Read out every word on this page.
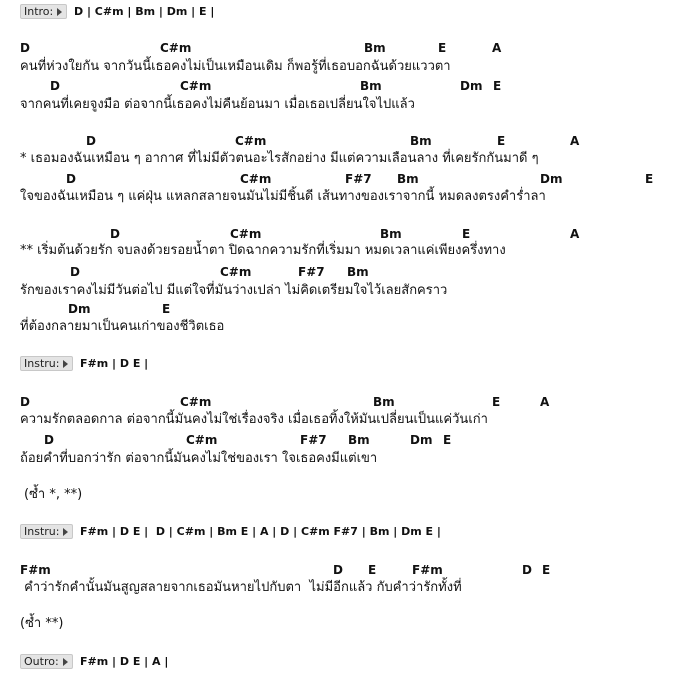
Intro: D | C#m | Bm | Dm | E |
D	C#m	Bm	E	A
คนที่ห่วงใยกัน จากวันนี้เธอคงไม่เป็นเหมือนเดิม ก็พอรู้ที่เธอบอกฉันด้วยแววตา
D	C#m	Bm	Dm E
จากคนที่เคยจูงมือ ต่อจากนี้เธอคงไม่คืนย้อนมา เมื่อเธอเปลี่ยนใจไปแล้ว
D	C#m	Bm	E	A
* เธอมองฉันเหมือน ๆ อากาศ ที่ไม่มีตัวตนอะไรสักอย่าง มีแต่ความเลือนลาง ที่เคยรักกันมาดี ๆ
D	C#m	F#7 Bm	Dm	E
ใจของฉันเหมือน ๆ แค่ฝุ่น แหลกสลายจนมันไม่มีชิ้นดี เส้นทางของเราจากนี้ หมดลงตรงคำร่ำลา
D	C#m	Bm	E	A
** เริ่มต้นด้วยรัก จบลงด้วยรอยน้ำตา ปิดฉากความรักที่เริ่มมา หมดเวลาแค่เพียงครึ่งทาง
D	C#m	F#7 Bm
รักของเราคงไม่มีวันต่อไป มีแต่ใจที่มันว่างเปล่า ไม่คิดเตรียมใจไว้เลยสักคราว
Dm	E
ที่ต้องกลายมาเป็นคนเก่าของชีวิตเธอ
Instru: F#m | D E |
D	C#m	Bm	E	A
ความรักตลอดกาล ต่อจากนี้มันคงไม่ใช่เรื่องจริง เมื่อเธอทิ้งให้มันเปลี่ยนเป็นแค่วันเก่า
D	C#m	F#7 Bm	Dm E
ถ้อยคำที่บอกว่ารัก ต่อจากนี้มันคงไม่ใช่ของเรา ใจเธอคงมีแต่เขา
(ซ้ำ *, **)
Instru: F#m | D E |  D | C#m | Bm E | A | D | C#m F#7 | Bm | Dm E |
F#m	D E	F#m	D E
คำว่ารักคำนั้นมันสูญสลายจากเธอมันหายไปกับตา  ไม่มีอีกแล้ว กับคำว่ารักทั้งที่
(ซ้ำ **)
Outro: F#m | D E | A |
